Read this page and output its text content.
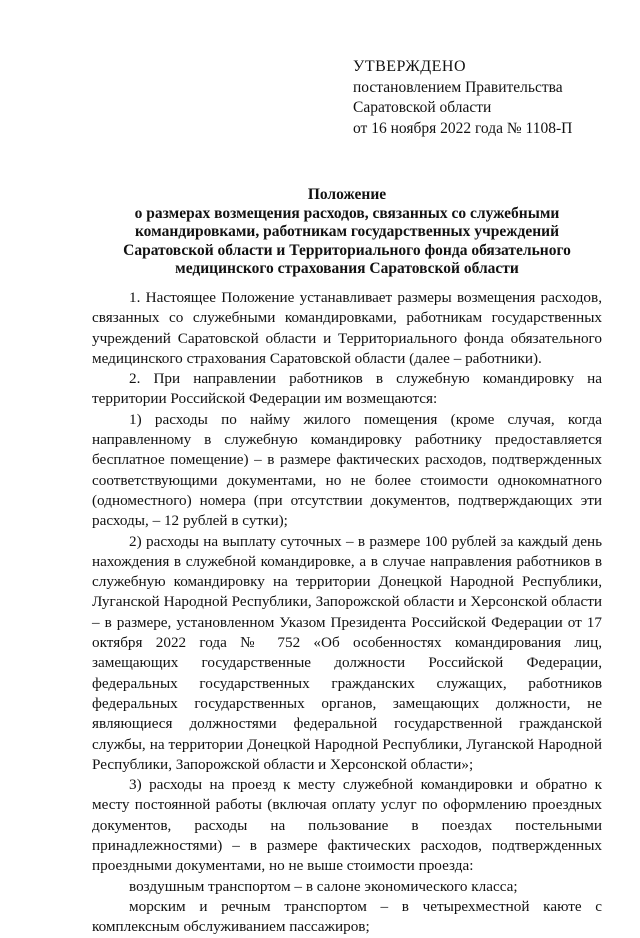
УТВЕРЖДЕНО
постановлением Правительства
Саратовской области
от 16 ноября 2022 года № 1108-П
Положение
о размерах возмещения расходов, связанных со служебными
командировками, работникам государственных учреждений
Саратовской области и Территориального фонда обязательного
медицинского страхования Саратовской области

1. Настоящее Положение устанавливает размеры возмещения расходов, связанных со служебными командировками, работникам государственных учреждений Саратовской области и Территориального фонда обязательного медицинского страхования Саратовской области (далее – работники).

2. При направлении работников в служебную командировку на территории Российской Федерации им возмещаются:

1) расходы по найму жилого помещения (кроме случая, когда направленному в служебную командировку работнику предоставляется бесплатное помещение) – в размере фактических расходов, подтвержденных соответствующими документами, но не более стоимости однокомнатного (одноместного) номера (при отсутствии документов, подтверждающих эти расходы, – 12 рублей в сутки);

2) расходы на выплату суточных – в размере 100 рублей за каждый день нахождения в служебной командировке, а в случае направления работников в служебную командировку на территории Донецкой Народной Республики, Луганской Народной Республики, Запорожской области и Херсонской области – в размере, установленном Указом Президента Российской Федерации от 17 октября 2022 года № 752 «Об особенностях командирования лиц, замещающих государственные должности Российской Федерации, федеральных государственных гражданских служащих, работников федеральных государственных органов, замещающих должности, не являющиеся должностями федеральной государственной гражданской службы, на территории Донецкой Народной Республики, Луганской Народной Республики, Запорожской области и Херсонской области»;

3) расходы на проезд к месту служебной командировки и обратно к месту постоянной работы (включая оплату услуг по оформлению проездных документов, расходы на пользование в поездах постельными принадлежностями) – в размере фактических расходов, подтвержденных проездными документами, но не выше стоимости проезда:

воздушным транспортом – в салоне экономического класса;

морским и речным транспортом – в четырехместной каюте с комплексным обслуживанием пассажиров;
